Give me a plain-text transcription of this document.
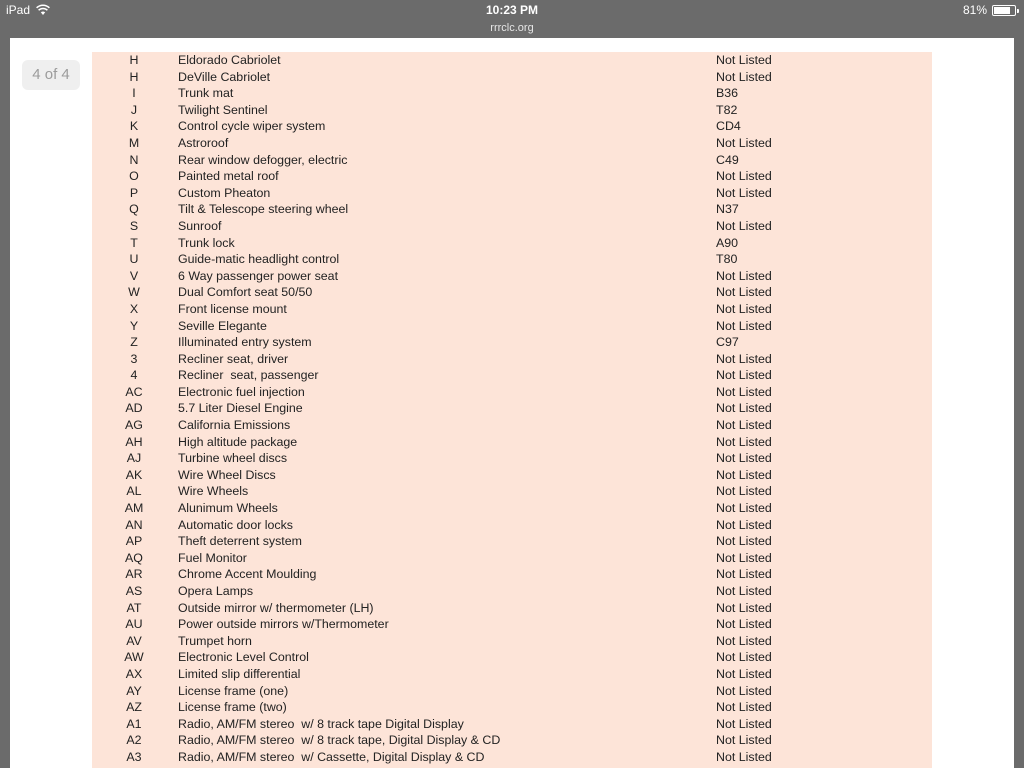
iPad	10:23 PM	81%
rrrclc.org
4 of 4
H	Eldorado Cabriolet	Not Listed
H	DeVille Cabriolet	Not Listed
I	Trunk mat	B36
J	Twilight Sentinel	T82
K	Control cycle wiper system	CD4
M	Astroroof	Not Listed
N	Rear window defogger, electric	C49
O	Painted metal roof	Not Listed
P	Custom Pheaton	Not Listed
Q	Tilt & Telescope steering wheel	N37
S	Sunroof	Not Listed
T	Trunk lock	A90
U	Guide-matic headlight control	T80
V	6 Way passenger power seat	Not Listed
W	Dual Comfort seat 50/50	Not Listed
X	Front license mount	Not Listed
Y	Seville Elegante	Not Listed
Z	Illuminated entry system	C97
3	Recliner seat, driver	Not Listed
4	Recliner  seat, passenger	Not Listed
AC	Electronic fuel injection	Not Listed
AD	5.7 Liter Diesel Engine	Not Listed
AG	California Emissions	Not Listed
AH	High altitude package	Not Listed
AJ	Turbine wheel discs	Not Listed
AK	Wire Wheel Discs	Not Listed
AL	Wire Wheels	Not Listed
AM	Alunimum Wheels	Not Listed
AN	Automatic door locks	Not Listed
AP	Theft deterrent system	Not Listed
AQ	Fuel Monitor	Not Listed
AR	Chrome Accent Moulding	Not Listed
AS	Opera Lamps	Not Listed
AT	Outside mirror w/ thermometer (LH)	Not Listed
AU	Power outside mirrors w/Thermometer	Not Listed
AV	Trumpet horn	Not Listed
AW	Electronic Level Control	Not Listed
AX	Limited slip differential	Not Listed
AY	License frame (one)	Not Listed
AZ	License frame (two)	Not Listed
A1	Radio, AM/FM stereo  w/ 8 track tape Digital Display	Not Listed
A2	Radio, AM/FM stereo  w/ 8 track tape, Digital Display & CD	Not Listed
A3	Radio, AM/FM stereo  w/ Cassette, Digital Display & CD	Not Listed
